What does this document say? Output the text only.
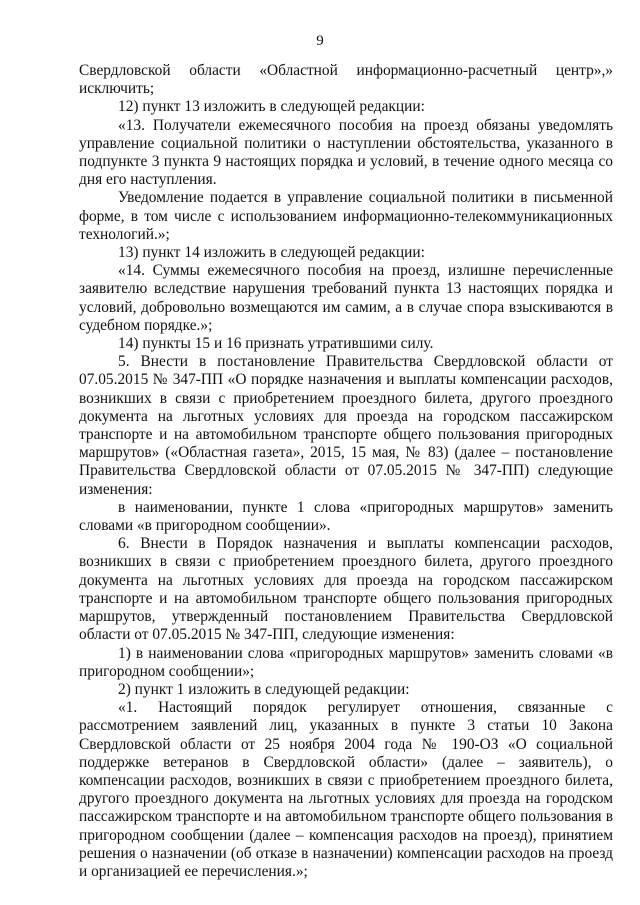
9

Свердловской области «Областной информационно-расчетный центр»,» исключить;

12) пункт 13 изложить в следующей редакции:

«13. Получатели ежемесячного пособия на проезд обязаны уведомлять управление социальной политики о наступлении обстоятельства, указанного в подпункте 3 пункта 9 настоящих порядка и условий, в течение одного месяца со дня его наступления.

Уведомление подается в управление социальной политики в письменной форме, в том числе с использованием информационно-телекоммуникационных технологий.»;

13) пункт 14 изложить в следующей редакции:

«14. Суммы ежемесячного пособия на проезд, излишне перечисленные заявителю вследствие нарушения требований пункта 13 настоящих порядка и условий, добровольно возмещаются им самим, а в случае спора взыскиваются в судебном порядке.»;

14) пункты 15 и 16 признать утратившими силу.

5. Внести в постановление Правительства Свердловской области от 07.05.2015 № 347-ПП «О порядке назначения и выплаты компенсации расходов, возникших в связи с приобретением проездного билета, другого проездного документа на льготных условиях для проезда на городском пассажирском транспорте и на автомобильном транспорте общего пользования пригородных маршрутов» («Областная газета», 2015, 15 мая, № 83) (далее – постановление Правительства Свердловской области от 07.05.2015 № 347-ПП) следующие изменения:

в наименовании, пункте 1 слова «пригородных маршрутов» заменить словами «в пригородном сообщении».

6. Внести в Порядок назначения и выплаты компенсации расходов, возникших в связи с приобретением проездного билета, другого проездного документа на льготных условиях для проезда на городском пассажирском транспорте и на автомобильном транспорте общего пользования пригородных маршрутов, утвержденный постановлением Правительства Свердловской области от 07.05.2015 № 347-ПП, следующие изменения:

1) в наименовании слова «пригородных маршрутов» заменить словами «в пригородном сообщении»;

2) пункт 1 изложить в следующей редакции:

«1. Настоящий порядок регулирует отношения, связанные с рассмотрением заявлений лиц, указанных в пункте 3 статьи 10 Закона Свердловской области от 25 ноября 2004 года № 190-ОЗ «О социальной поддержке ветеранов в Свердловской области» (далее – заявитель), о компенсации расходов, возникших в связи с приобретением проездного билета, другого проездного документа на льготных условиях для проезда на городском пассажирском транспорте и на автомобильном транспорте общего пользования в пригородном сообщении (далее – компенсация расходов на проезд), принятием решения о назначении (об отказе в назначении) компенсации расходов на проезд и организацией ее перечисления.»;
